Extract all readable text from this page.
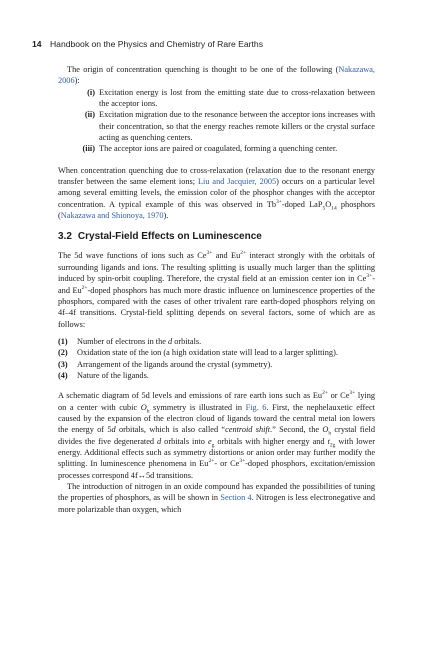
14 Handbook on the Physics and Chemistry of Rare Earths

The origin of concentration quenching is thought to be one of the following (Nakazawa, 2006):

(i) Excitation energy is lost from the emitting state due to cross-relaxation between the acceptor ions.

(ii) Excitation migration due to the resonance between the acceptor ions increases with their concentration, so that the energy reaches remote killers or the crystal surface acting as quenching centers.

(iii) The acceptor ions are paired or coagulated, forming a quenching center.

When concentration quenching due to cross-relaxation (relaxation due to the resonant energy transfer between the same element ions; Liu and Jacquier, 2005) occurs on a particular level among several emitting levels, the emission color of the phosphor changes with the acceptor concentration. A typical example of this was observed in $Tb^{3+}$-doped $LaP_5O_{14}$ phosphors (Nakazawa and Shionoya, 1970).

3.2 Crystal-Field Effects on Luminescence

The 5d wave functions of ions such as $Ce^{3+}$ and $Eu^{2+}$ interact strongly with the orbitals of surrounding ligands and ions. The resulting splitting is usually much larger than the splitting induced by spin-orbit coupling. Therefore, the crystal field at an emission center ion in $Ce^{3+}-$ and $Eu^{2+}$-doped phosphors has much more drastic influence on luminescence properties of the phosphors, compared with the cases of other trivalent rare earth-doped phosphors relying on 4f–4f transitions. Crystal-field splitting depends on several factors, some of which are as follows:

(1)	Number of electrons in the d orbitals.

(2)	Oxidation state of the ion (a high oxidation state will lead to a larger splitting).

(3)	Arrangement of the ligands around the crystal (symmetry).

(4)	Nature of the ligands.

A schematic diagram of 5d levels and emissions of rare earth ions such as $Eu^{2+}$ or $Ce^{3+}$ lying on a center with cubic $O_h$ symmetry is illustrated in Fig. 6. First, the nephelauxetic effect caused by the expansion of the electron cloud of ligands toward the central metal ion lowers the energy of 5d orbitals, which is also called “centroid shift.” Second, the $O_h$ crystal field divides the five degenerated d orbitals into $e_g$ orbitals with higher energy and $t_{2g}$ with lower energy. Additional effects such as symmetry distortions or anion order may further modify the splitting. In luminescence phenomena in $Eu^{2+}-$ or $Ce^{3+}$-doped phosphors, excitation/emission processes correspond 4f↔5d transitions.

The introduction of nitrogen in an oxide compound has expanded the possibilities of tuning the properties of phosphors, as will be shown in Section 4. Nitrogen is less electronegative and more polarizable than oxygen, which
